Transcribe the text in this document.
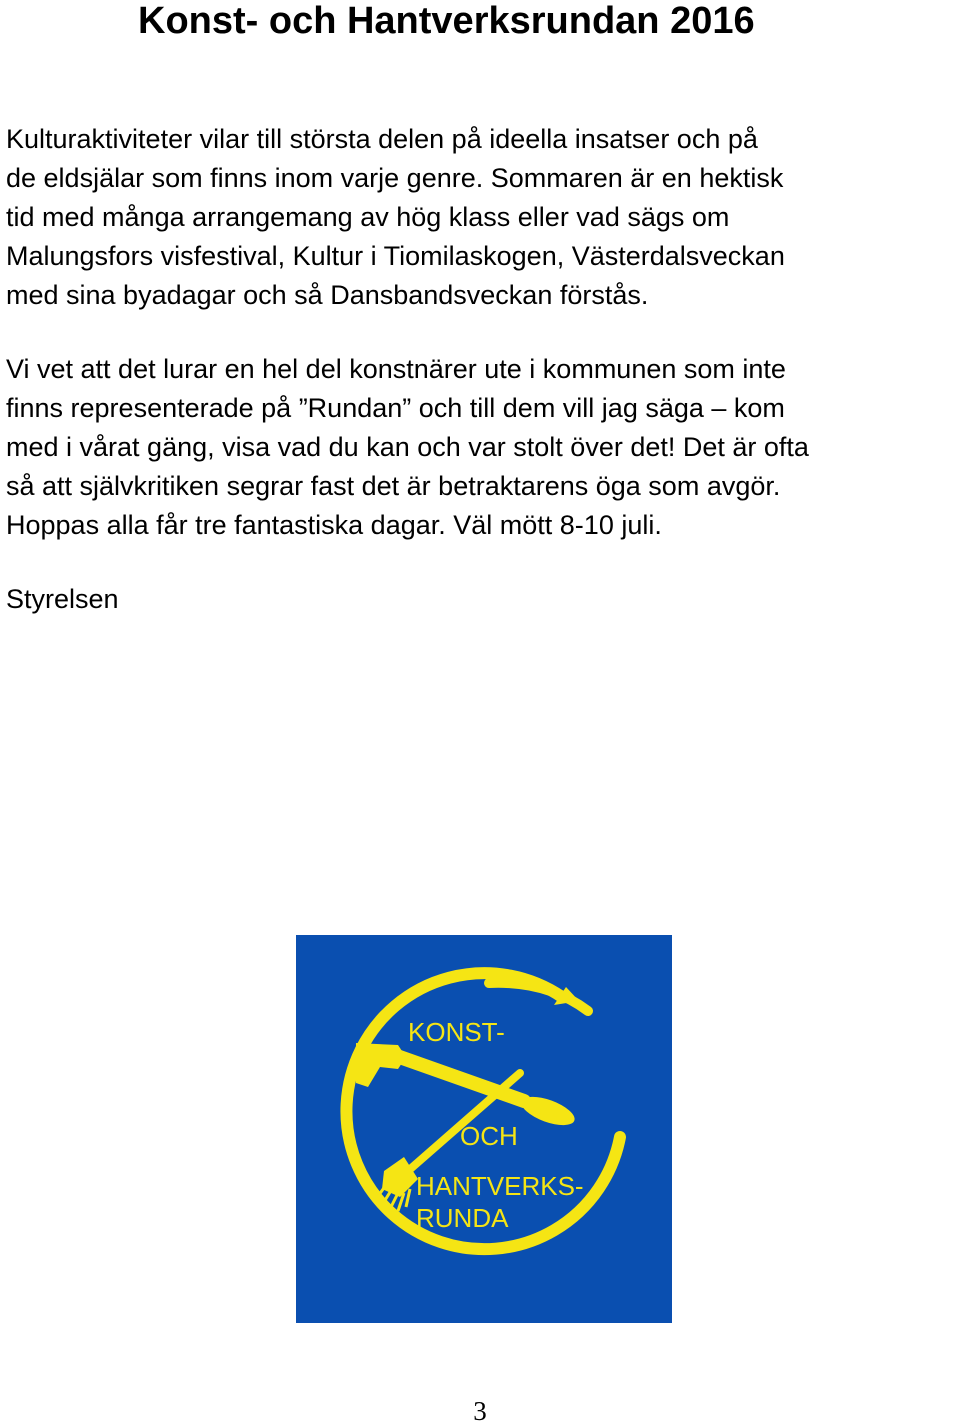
Konst- och Hantverksrundan 2016
Kulturaktiviteter vilar till största delen på ideella insatser och på
de eldsjälar som finns inom varje genre. Sommaren är en hektisk
tid med många arrangemang av hög klass eller vad sägs om
Malungsfors visfestival, Kultur i Tiomilaskogen, Västerdalsveckan
med sina byadagar och så Dansbandsveckan förstås.
Vi vet att det lurar en hel del konstnärer ute i kommunen som inte
finns representerade på ”Rundan” och till dem vill jag säga – kom
med i vårat gäng, visa vad du kan och var stolt över det! Det är ofta
så att självkritiken segrar fast det är betraktarens öga som avgör.
Hoppas alla får tre fantastiska dagar. Väl mött 8-10 juli.
Styrelsen
KONST-
OCH
HANTVERKS-
RUNDA
3
